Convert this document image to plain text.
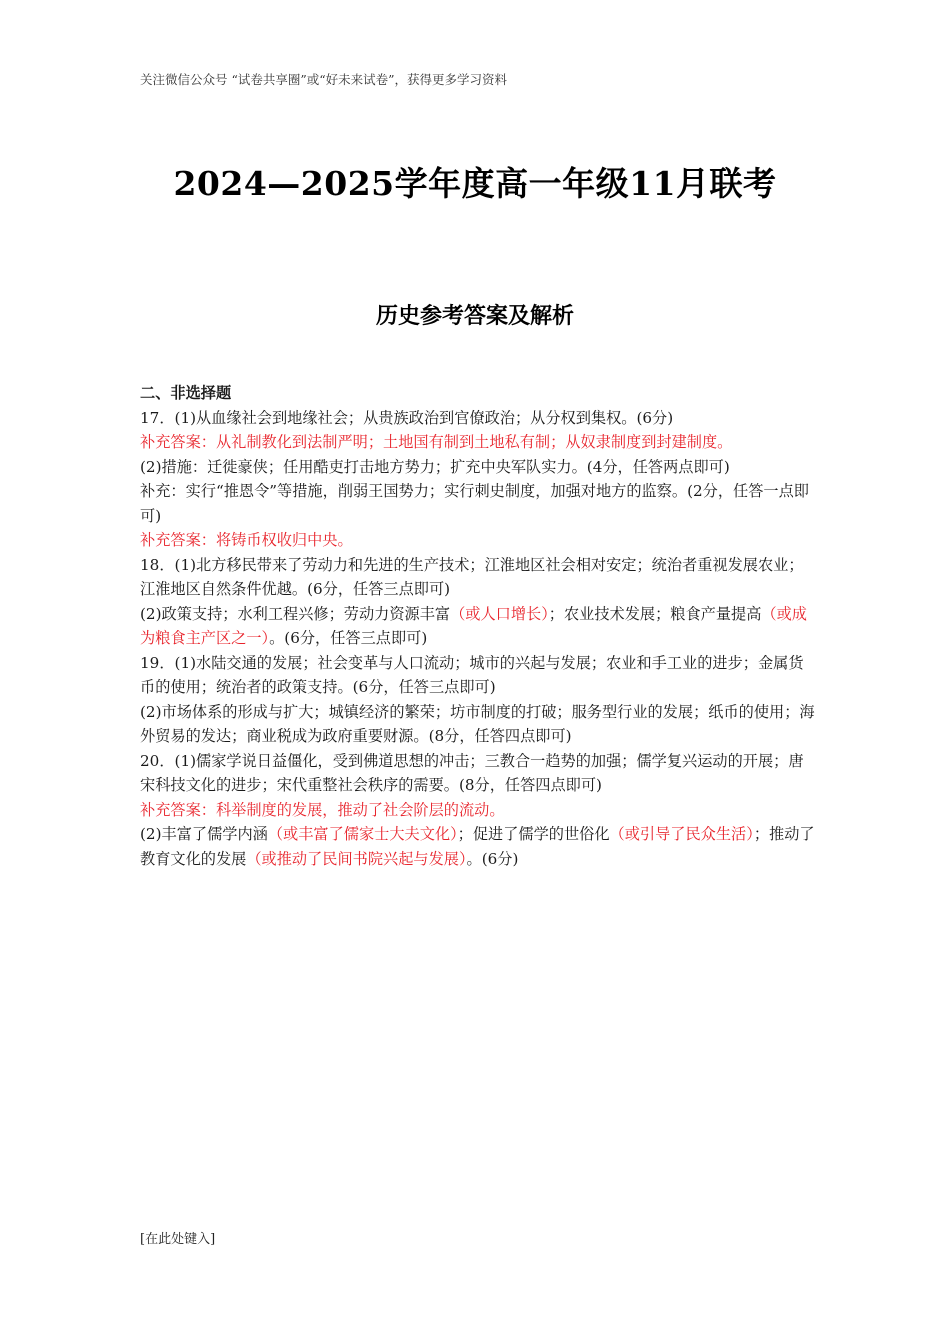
关注微信公众号 “试卷共享圈”或“好未来试卷”，获得更多学习资料
2024—2025学年度高一年级11月联考
历史参考答案及解析

二、非选择题

17．(1)从血缘社会到地缘社会；从贵族政治到官僚政治；从分权到集权。(6分)

补充答案：从礼制教化到法制严明；土地国有制到土地私有制；从奴隶制度到封建制度。

(2)措施：迁徙豪侠；任用酷吏打击地方势力；扩充中央军队实力。(4分，任答两点即可)

补充：实行“推恩令”等措施，削弱王国势力；实行刺史制度，加强对地方的监察。(2分，任答一点即可)

补充答案：将铸币权收归中央。

18．(1)北方移民带来了劳动力和先进的生产技术；江淮地区社会相对安定；统治者重视发展农业；江淮地区自然条件优越。(6分，任答三点即可)

(2)政策支持；水利工程兴修；劳动力资源丰富（或人口增长）；农业技术发展；粮食产量提高（或成为粮食主产区之一）。(6分，任答三点即可)

19．(1)水陆交通的发展；社会变革与人口流动；城市的兴起与发展；农业和手工业的进步；金属货币的使用；统治者的政策支持。(6分，任答三点即可)

(2)市场体系的形成与扩大；城镇经济的繁荣；坊市制度的打破；服务型行业的发展；纸币的使用；海外贸易的发达；商业税成为政府重要财源。(8分，任答四点即可)

20．(1)儒家学说日益僵化，受到佛道思想的冲击；三教合一趋势的加强；儒学复兴运动的开展；唐宋科技文化的进步；宋代重整社会秩序的需要。(8分，任答四点即可)

补充答案：科举制度的发展，推动了社会阶层的流动。

(2)丰富了儒学内涵（或丰富了儒家士大夫文化）；促进了儒学的世俗化（或引导了民众生活）；推动了教育文化的发展（或推动了民间书院兴起与发展）。(6分)

[在此处键入]
